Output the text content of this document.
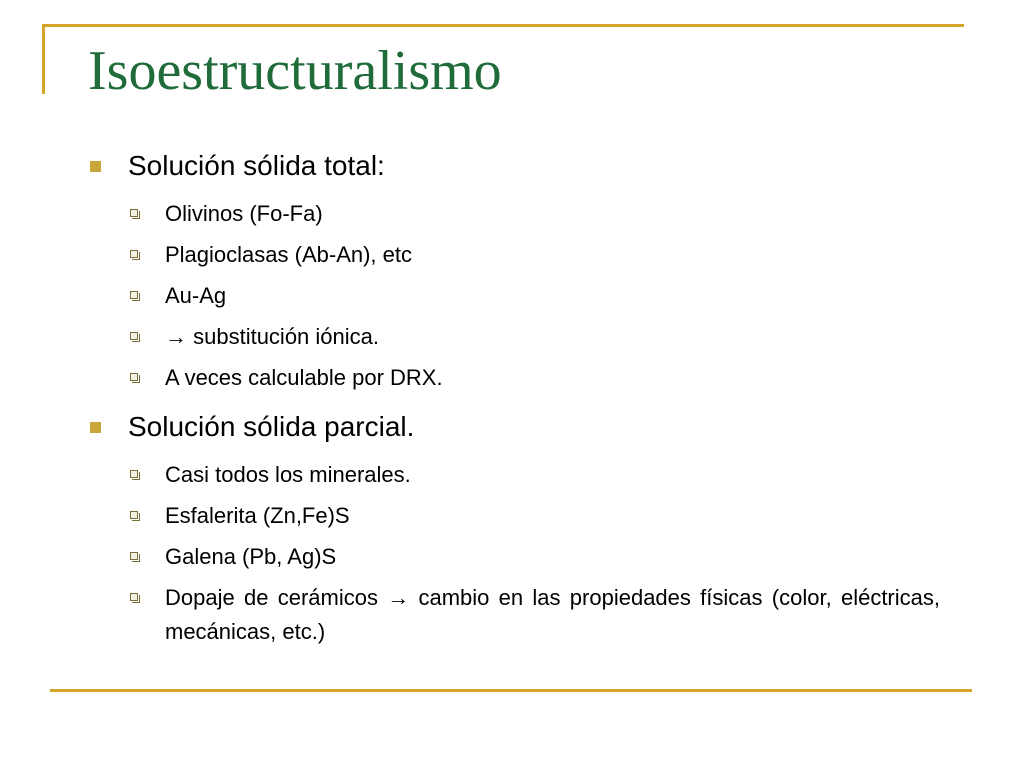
Isoestructuralismo
Solución sólida total:
Olivinos (Fo-Fa)
Plagioclasas (Ab-An), etc
Au-Ag
→ substitución iónica.
A veces calculable por DRX.
Solución sólida parcial.
Casi todos los minerales.
Esfalerita (Zn,Fe)S
Galena (Pb, Ag)S
Dopaje de cerámicos → cambio en las propiedades físicas (color, eléctricas, mecánicas, etc.)
